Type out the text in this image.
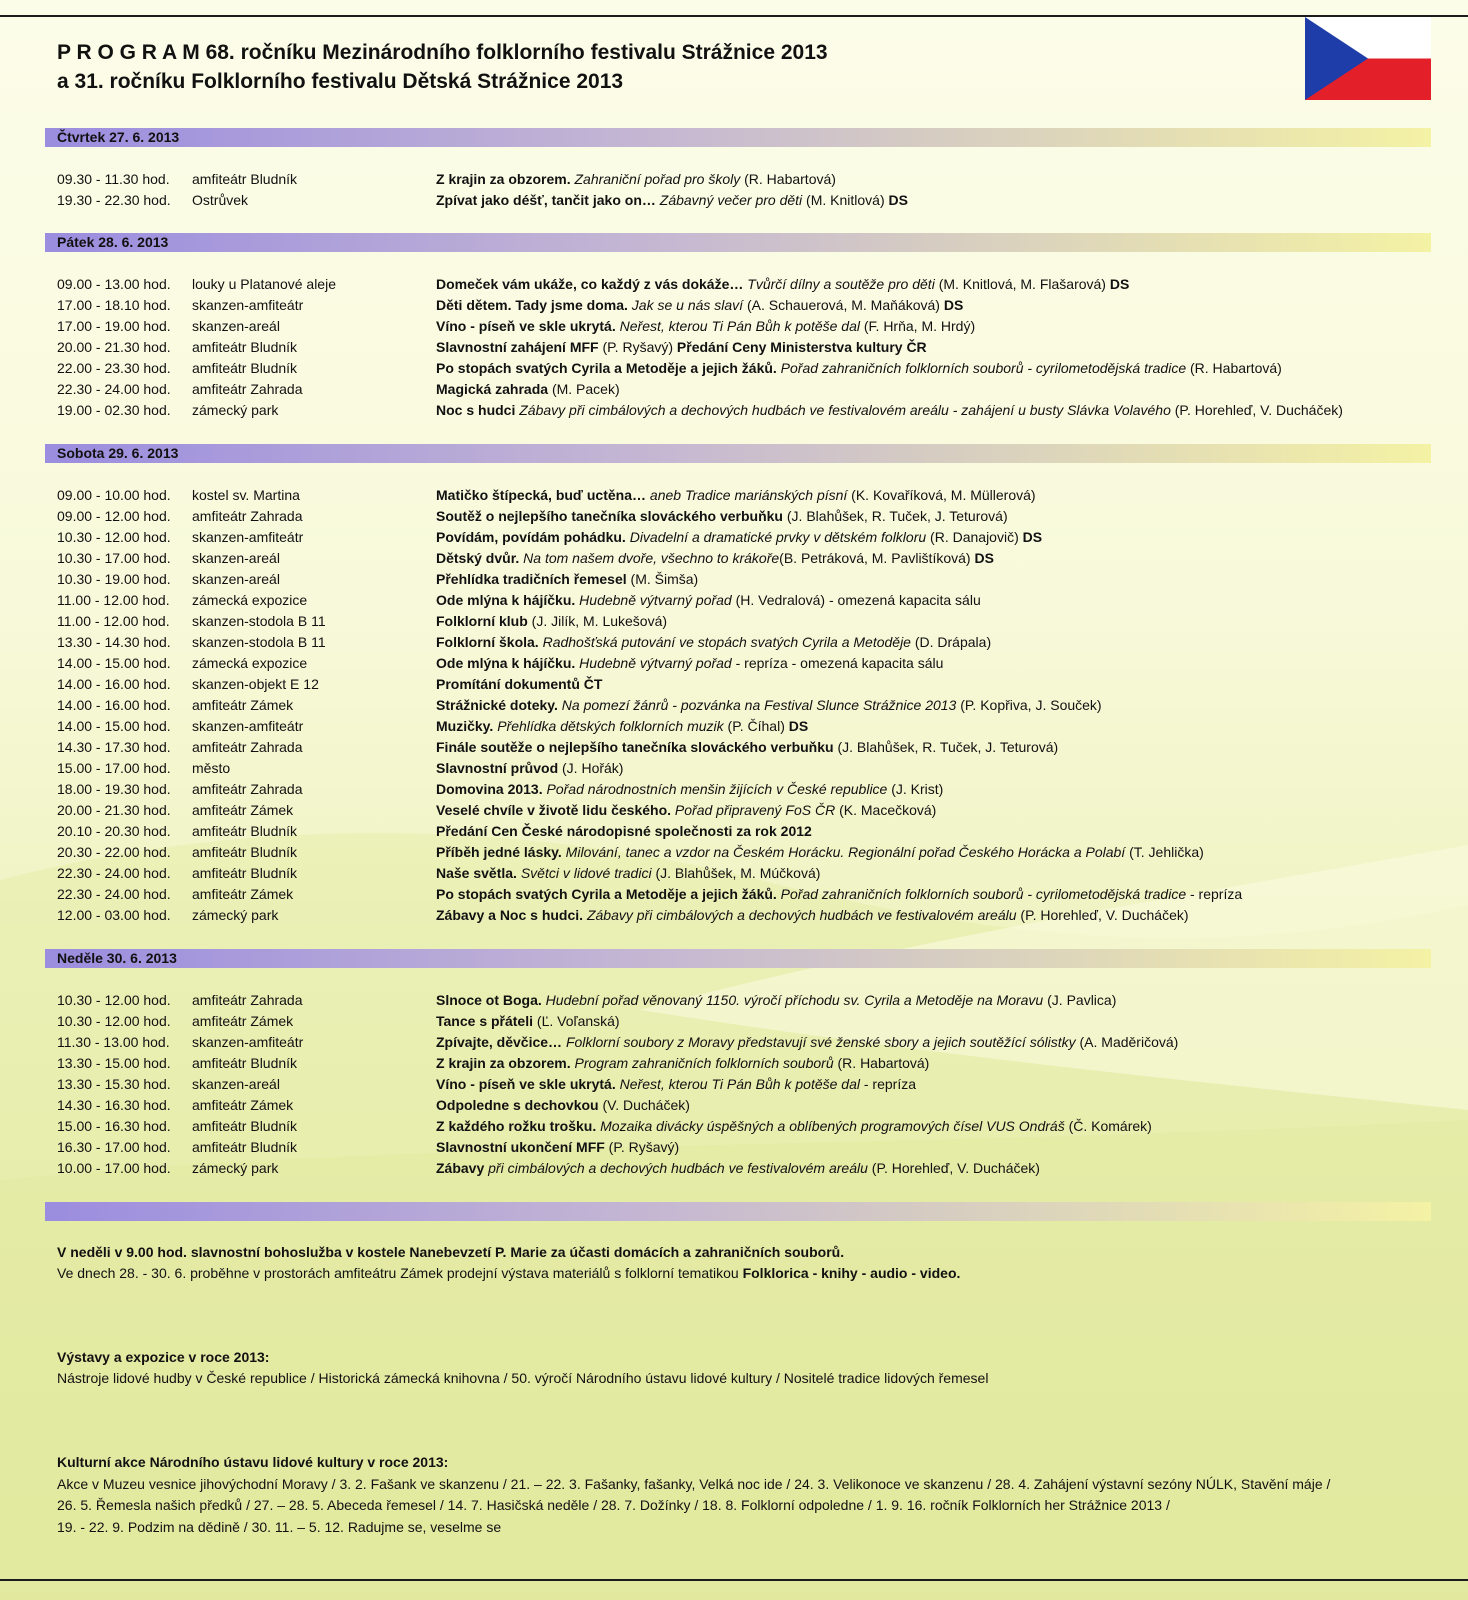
P R O G R A M 68. ročníku Mezinárodního folklorního festivalu Strážnice 2013
a 31. ročníku Folklorního festivalu Dětská Strážnice 2013
Čtvrtek 27. 6. 2013
09.30 - 11.30 hod.	amfiteátr Bludník	Z krajin za obzorem. Zahraniční pořad pro školy (R. Habartová)
19.30 - 22.30 hod.	Ostrůvek	Zpívat jako déšť, tančit jako on… Zábavný večer pro děti (M. Knitlová) DS
Pátek 28. 6. 2013
09.00 - 13.00 hod.	louky u Platanové aleje	Domeček vám ukáže, co každý z vás dokáže… Tvůrčí dílny a soutěže pro děti (M. Knitlová, M. Flašarová) DS
17.00 - 18.10 hod.	skanzen-amfiteátr	Děti dětem. Tady jsme doma. Jak se u nás slaví (A. Schauerová, M. Maňáková) DS
17.00 - 19.00 hod.	skanzen-areál	Víno - píseň ve skle ukrytá. Neřest, kterou Ti Pán Bůh k potěše dal (F. Hrňa, M. Hrdý)
20.00 - 21.30 hod.	amfiteátr Bludník	Slavnostní zahájení MFF (P. Ryšavý) Předání Ceny Ministerstva kultury ČR
22.00 - 23.30 hod.	amfiteátr Bludník	Po stopách svatých Cyrila a Metoděje a jejich žáků. Pořad zahraničních folklorních souborů - cyrilometodějská tradice (R. Habartová)
22.30 - 24.00 hod.	amfiteátr Zahrada	Magická zahrada (M. Pacek)
19.00 - 02.30 hod.	zámecký park	Noc s hudci Zábavy při cimbálových a dechových hudbách ve festivalovém areálu - zahájení u busty Slávka Volavého (P. Horehleď, V. Ducháček)
Sobota 29. 6. 2013
09.00 - 10.00 hod.	kostel sv. Martina	Matičko štípecká, buď uctěna… aneb Tradice mariánských písní (K. Kovaříková, M. Müllerová)
09.00 - 12.00 hod.	amfiteátr Zahrada	Soutěž o nejlepšího tanečníka slováckého verbuňku (J. Blahůšek, R. Tuček, J. Teturová)
10.30 - 12.00 hod.	skanzen-amfiteátr	Povídám, povídám pohádku. Divadelní a dramatické prvky v dětském folkloru (R. Danajovič) DS
10.30 - 17.00 hod.	skanzen-areál	Dětský dvůr. Na tom našem dvoře, všechno to krákoře(B. Petráková, M. Pavlištíková) DS
10.30 - 19.00 hod.	skanzen-areál	Přehlídka tradičních řemesel (M. Šimša)
11.00 - 12.00 hod.	zámecká expozice	Ode mlýna k hájíčku. Hudebně výtvarný pořad (H. Vedralová) - omezená kapacita sálu
11.00 - 12.00 hod.	skanzen-stodola B 11	Folklorní klub (J. Jilík, M. Lukešová)
13.30 - 14.30 hod.	skanzen-stodola B 11	Folklorní škola. Radhošťská putování ve stopách svatých Cyrila a Metoděje (D. Drápala)
14.00 - 15.00 hod.	zámecká expozice	Ode mlýna k hájíčku. Hudebně výtvarný pořad - repríza - omezená kapacita sálu
14.00 - 16.00 hod.	skanzen-objekt E 12	Promítání dokumentů ČT
14.00 - 16.00 hod.	amfiteátr Zámek	Strážnické doteky. Na pomezí žánrů - pozvánka na Festival Slunce Strážnice 2013 (P. Kopřiva, J. Souček)
14.00 - 15.00 hod.	skanzen-amfiteátr	Muzičky. Přehlídka dětských folklorních muzik (P. Číhal) DS
14.30 - 17.30 hod.	amfiteátr Zahrada	Finále soutěže o nejlepšího tanečníka slováckého verbuňku (J. Blahůšek, R. Tuček, J. Teturová)
15.00 - 17.00 hod.	město	Slavnostní průvod (J. Hořák)
18.00 - 19.30 hod.	amfiteátr Zahrada	Domovina 2013. Pořad národnostních menšin žijících v České republice (J. Krist)
20.00 - 21.30 hod.	amfiteátr Zámek	Veselé chvíle v životě lidu českého. Pořad připravený FoS ČR (K. Macečková)
20.10 - 20.30 hod.	amfiteátr Bludník	Předání Cen České národopisné společnosti za rok 2012
20.30 - 22.00 hod.	amfiteátr Bludník	Příběh jedné lásky. Milování, tanec a vzdor na Českém Horácku. Regionální pořad Českého Horácka a Polabí (T. Jehlička)
22.30 - 24.00 hod.	amfiteátr Bludník	Naše světla. Světci v lidové tradici (J. Blahůšek, M. Múčková)
22.30 - 24.00 hod.	amfiteátr Zámek	Po stopách svatých Cyrila a Metoděje a jejich žáků. Pořad zahraničních folklorních souborů - cyrilometodějská tradice - repríza
12.00 - 03.00 hod.	zámecký park	Zábavy a Noc s hudci. Zábavy při cimbálových a dechových hudbách ve festivalovém areálu (P. Horehleď, V. Ducháček)
Neděle 30. 6. 2013
10.30 - 12.00 hod.	amfiteátr Zahrada	Slnoce ot Boga. Hudební pořad věnovaný 1150. výročí příchodu sv. Cyrila a Metoděje na Moravu (J. Pavlica)
10.30 - 12.00 hod.	amfiteátr Zámek	Tance s přáteli (Ľ. Voľanská)
11.30 - 13.00 hod.	skanzen-amfiteátr	Zpívajte, děvčice… Folklorní soubory z Moravy představují své ženské sbory a jejich soutěžící sólistky (A. Maděričová)
13.30 - 15.00 hod.	amfiteátr Bludník	Z krajin za obzorem. Program zahraničních folklorních souborů (R. Habartová)
13.30 - 15.30 hod.	skanzen-areál	Víno - píseň ve skle ukrytá. Neřest, kterou Ti Pán Bůh k potěše dal - repríza
14.30 - 16.30 hod.	amfiteátr Zámek	Odpoledne s dechovkou (V. Ducháček)
15.00 - 16.30 hod.	amfiteátr Bludník	Z každého rožku trošku. Mozaika divácky úspěšných a oblíbených programových čísel VUS Ondráš (Č. Komárek)
16.30 - 17.00 hod.	amfiteátr Bludník	Slavnostní ukončení MFF (P. Ryšavý)
10.00 - 17.00 hod.	zámecký park	Zábavy při cimbálových a dechových hudbách ve festivalovém areálu (P. Horehleď, V. Ducháček)
V neděli v 9.00 hod. slavnostní bohoslužba v kostele Nanebevzetí P. Marie za účasti domácích a zahraničních souborů.
Ve dnech 28. - 30. 6. proběhne v prostorách amfiteátru Zámek prodejní výstava materiálů s folklorní tematikou Folklorica - knihy - audio - video.
Výstavy a expozice v roce 2013:
Nástroje lidové hudby v České republice / Historická zámecká knihovna / 50. výročí Národního ústavu lidové kultury / Nositelé tradice lidových řemesel
Kulturní akce Národního ústavu lidové kultury v roce 2013:
Akce v Muzeu vesnice jihovýchodní Moravy / 3. 2. Fašank ve skanzenu / 21. – 22. 3. Fašanky, fašanky, Velká noc ide / 24. 3. Velikonoce ve skanzenu / 28. 4. Zahájení výstavní sezóny NÚLK, Stavění máje /
26. 5. Řemesla našich předků / 27. – 28. 5. Abeceda řemesel / 14. 7. Hasičská neděle / 28. 7. Dožínky / 18. 8. Folklorní odpoledne / 1. 9. 16. ročník Folklorních her Strážnice 2013 /
19. - 22. 9. Podzim na dědině / 30. 11. – 5. 12. Radujme se, veselme se
